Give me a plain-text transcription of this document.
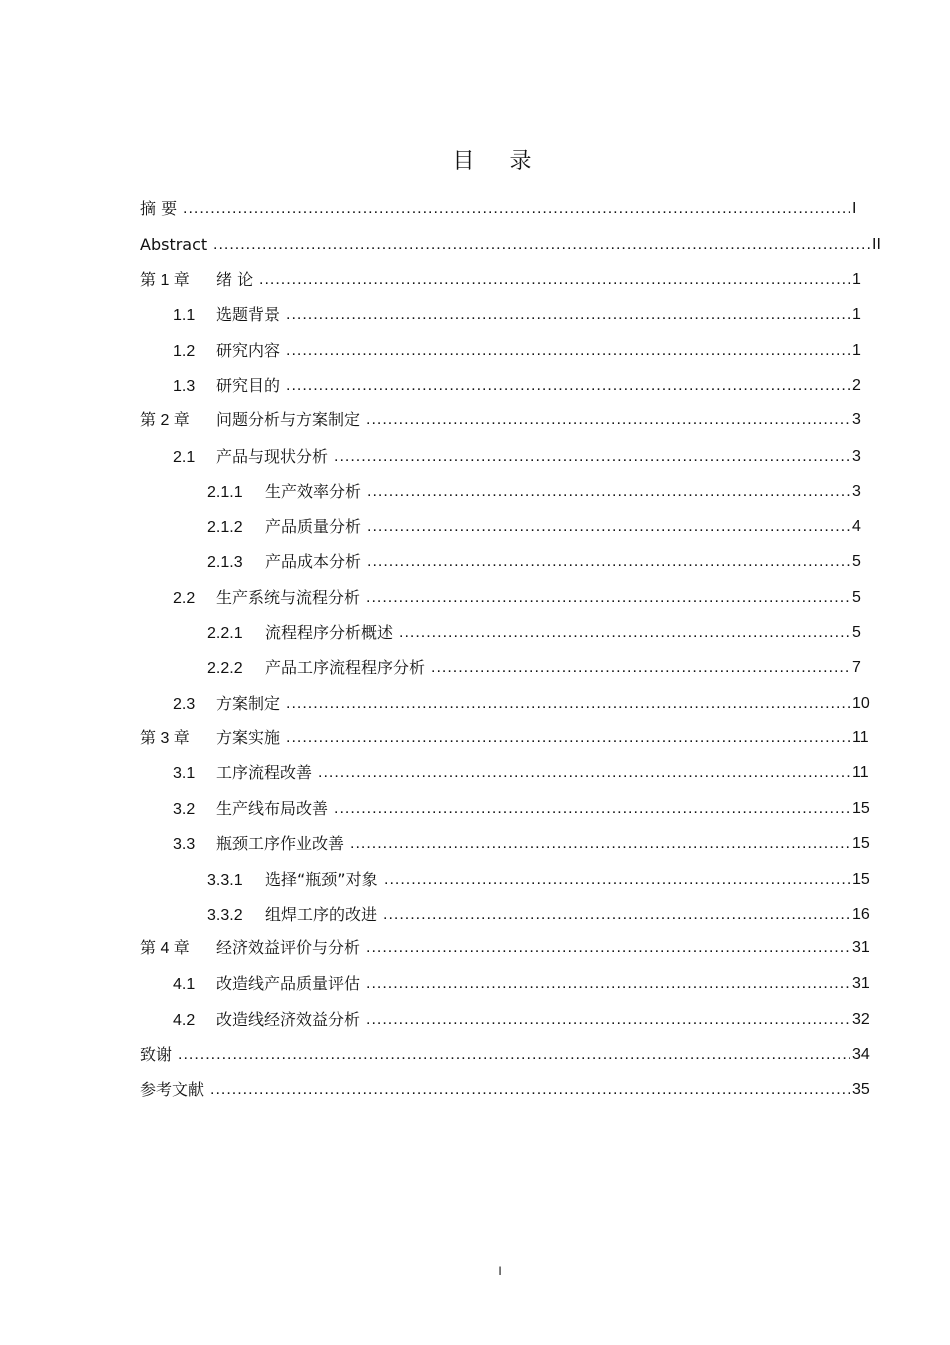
目 录
摘 要 .....	I
Abstract .....	II
第 1 章 绪 论 .....	1
1.1 选题背景 .....	1
1.2 研究内容 .....	1
1.3 研究目的 .....	2
第 2 章 问题分析与方案制定 .....	3
2.1 产品与现状分析 .....	3
2.1.1 生产效率分析 .....	3
2.1.2 产品质量分析 .....	4
2.1.3 产品成本分析 .....	5
2.2 生产系统与流程分析 .....	5
2.2.1 流程程序分析概述 .....	5
2.2.2 产品工序流程程序分析 .....	7
2.3 方案制定 .....	10
第 3 章 方案实施 .....	11
3.1 工序流程改善 .....	11
3.2 生产线布局改善 .....	15
3.3 瓶颈工序作业改善 .....	15
3.3.1 选择“瓶颈”对象 .....	15
3.3.2 组焊工序的改进 .....	16
第 4 章 经济效益评价与分析 .....	31
4.1 改造线产品质量评估 .....	31
4.2 改造线经济效益分析 .....	32
致谢 .....	34
参考文献 .....	35
I
